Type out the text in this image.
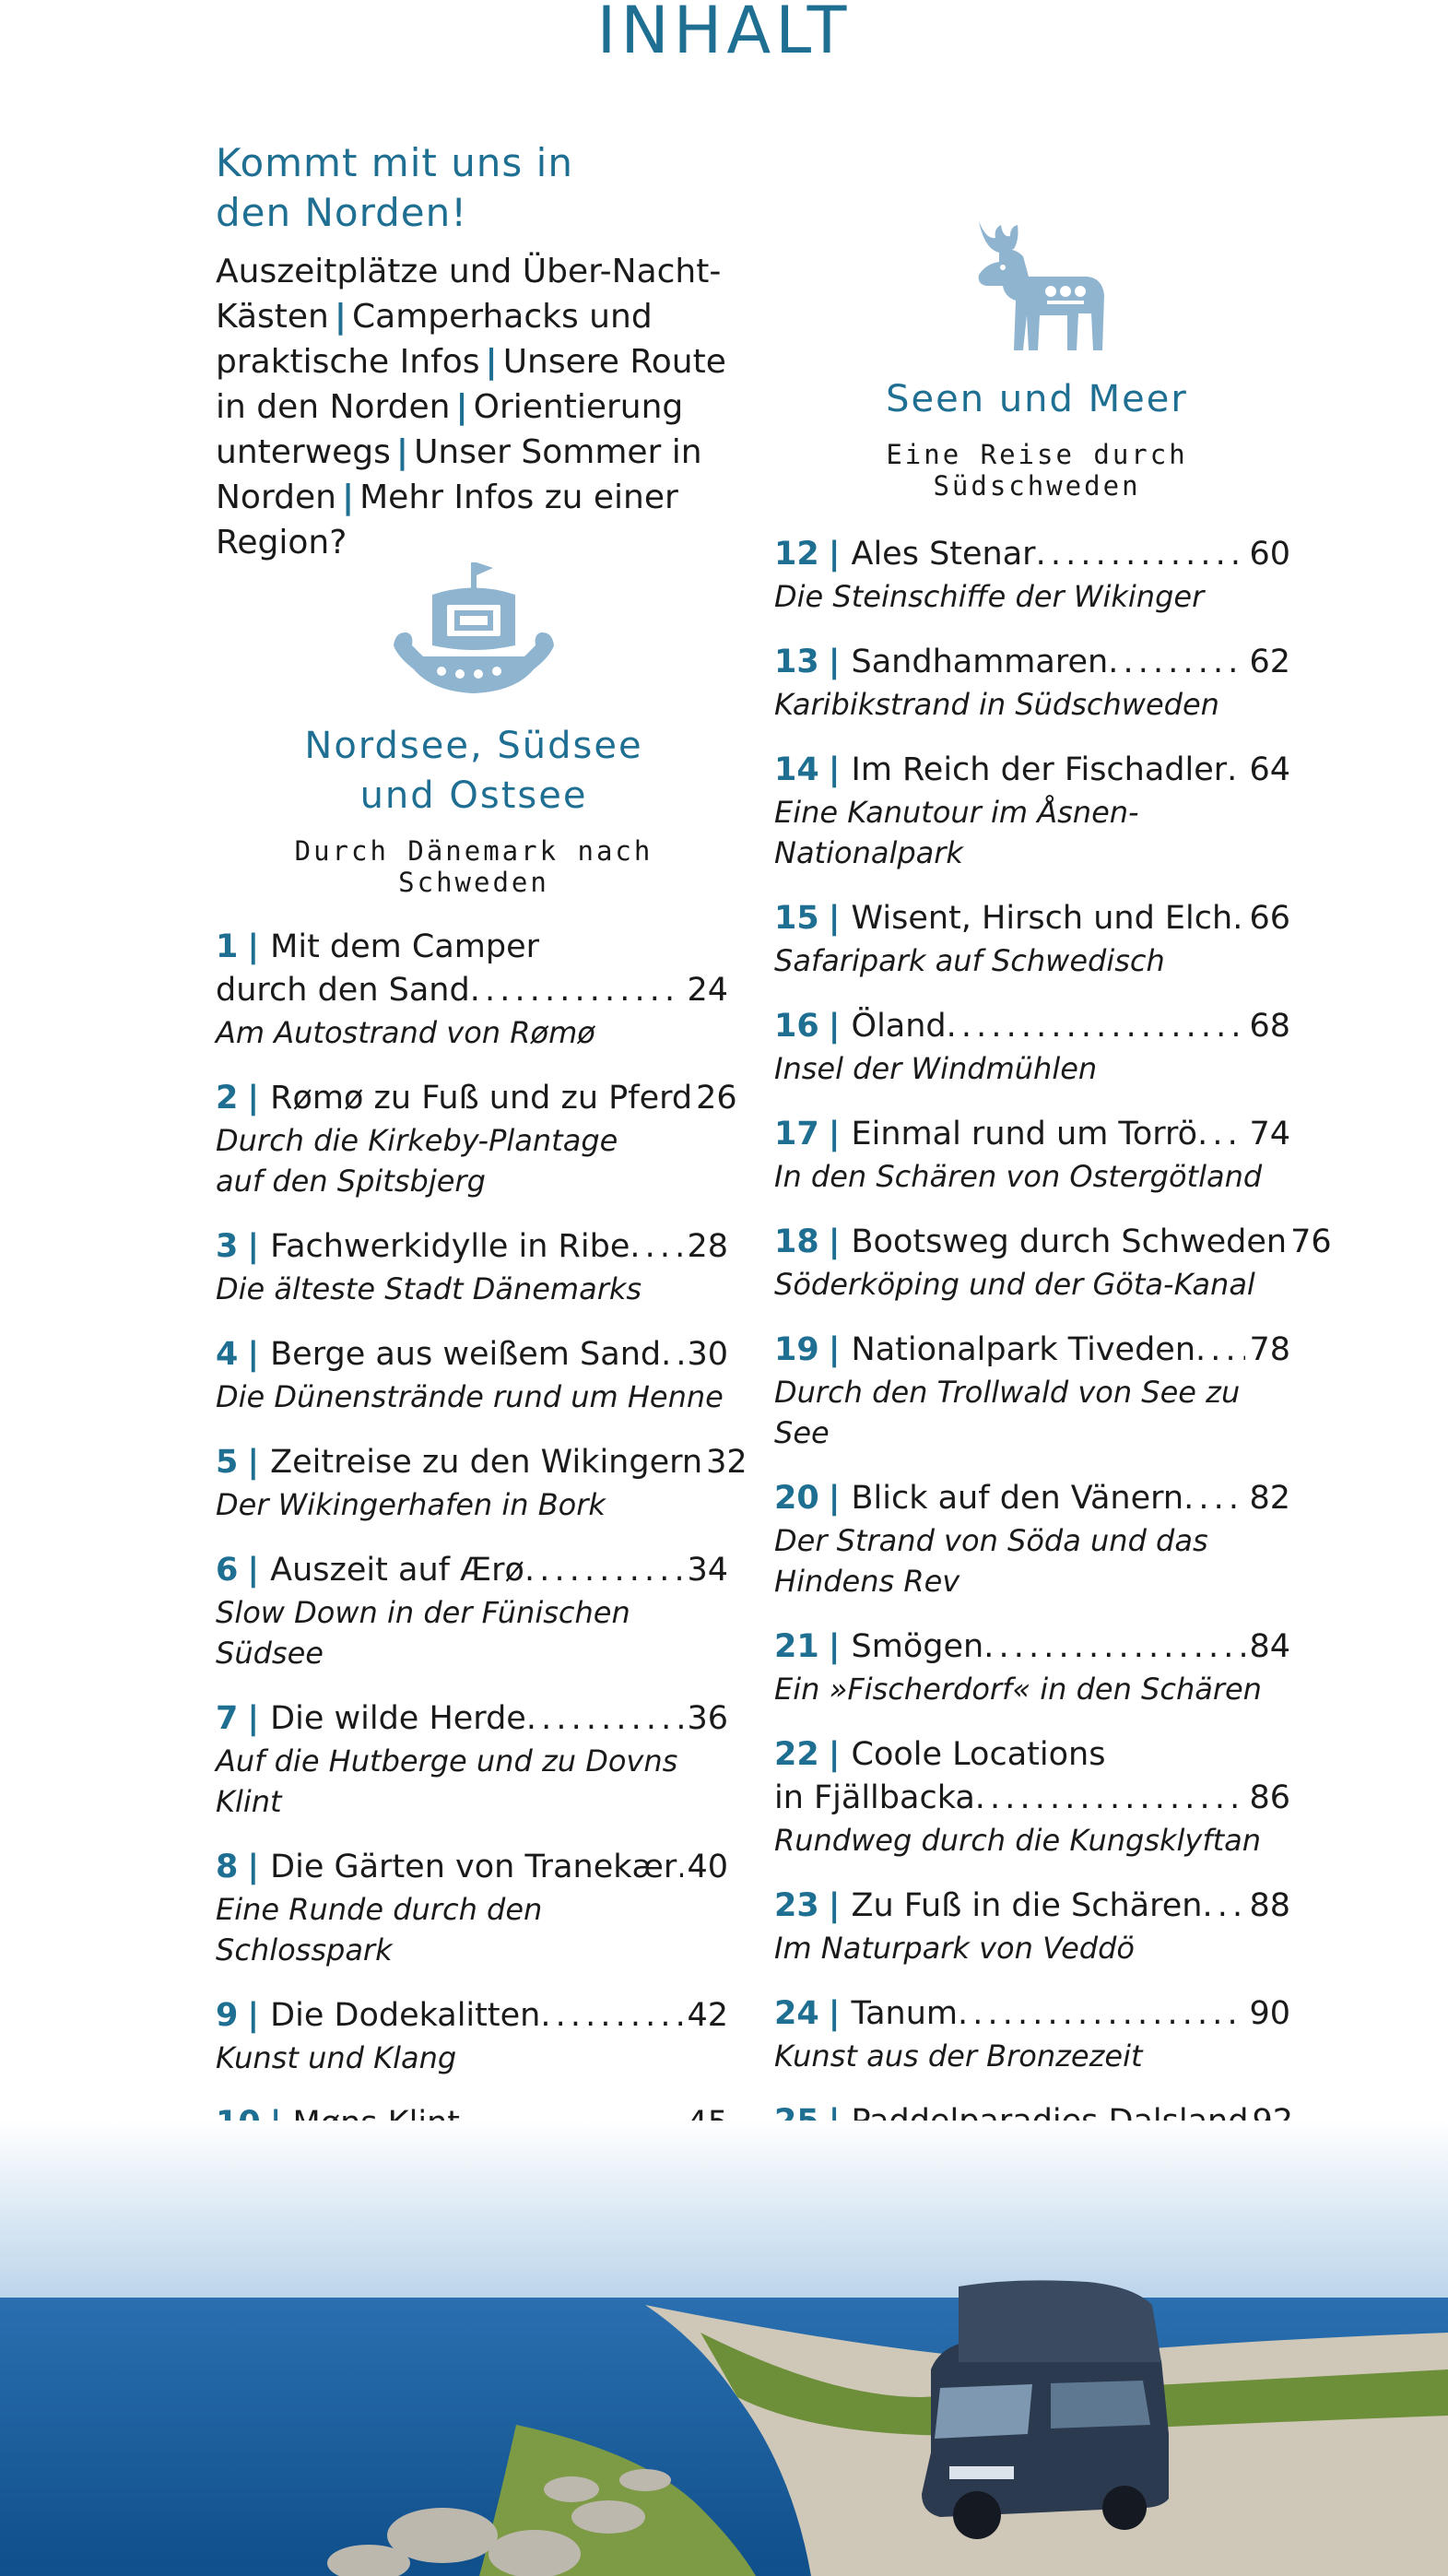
INHALT
Kommt mit uns in
den Norden!

Auszeitplätze und Über-Nacht-Kästen | Camperhacks und praktische Infos | Unsere Route in den Norden | Orientierung unterwegs | Unser Sommer in Norden | Mehr Infos zu einer Region?

Nordsee, Südsee
und Ostsee
Durch Dänemark nach Schweden
Seen und Meer
Eine Reise durch Südschweden
1 | Mit dem Camper
durch den Sand . . .	24
Am Autostrand von Rømø
2 | Rømø zu Fuß und zu Pferd 26
Durch die Kirkeby-Plantage
auf den Spitsbjerg
3 | Fachwerkidylle in Ribe . . . 28
Die älteste Stadt Dänemarks
4 | Berge aus weißem Sand . . . 30
Die Dünenstrände rund um Henne
5 | Zeitreise zu den Wikingern 32
Der Wikingerhafen in Bork
6 | Auszeit auf Ærø . . .	34
Slow Down in der Fünischen Südsee
7 | Die wilde Herde . . .	36
Auf die Hutberge und zu Dovns Klint
8 | Die Gärten von Tranekær . . . 40
Eine Runde durch den Schlosspark
9 | Die Dodekalitten . . .	42
Kunst und Klang
. . .
. . .
. . .
12 | Ales Stenar . . .	60
Die Steinschiffe der Wikinger
13 | Sandhammaren . . .	62
Karibikstrand in Südschweden
14 | Im Reich der Fischadler . . . 64
Eine Kanutour im Åsnen-Nationalpark
15 | Wisent, Hirsch und Elch . . . 66
Safaripark auf Schwedisch
16 | Öland . . .	68
Insel der Windmühlen
17 | Einmal rund um Torrö . . . 74
In den Schären von Ostergötland
18 | Bootsweg durch Schweden 76
Söderköping und der Göta-Kanal
19 | Nationalpark Tiveden . . . 78
Durch den Trollwald von See zu See
20 | Blick auf den Vänern . . . 82
Der Strand von Söda und das
Hindens Rev
21 | Smögen . . .	84
Ein »Fischerdorf« in den Schären
22 | Coole Locations
in Fjällbacka . . .	86
Rundweg durch die Kungsklyftan
23 | Zu Fuß in die Schären . . . 88
Im Naturpark von Veddö
24 | Tanum . . .	90
Kunst aus der Bronzezeit
. . .
